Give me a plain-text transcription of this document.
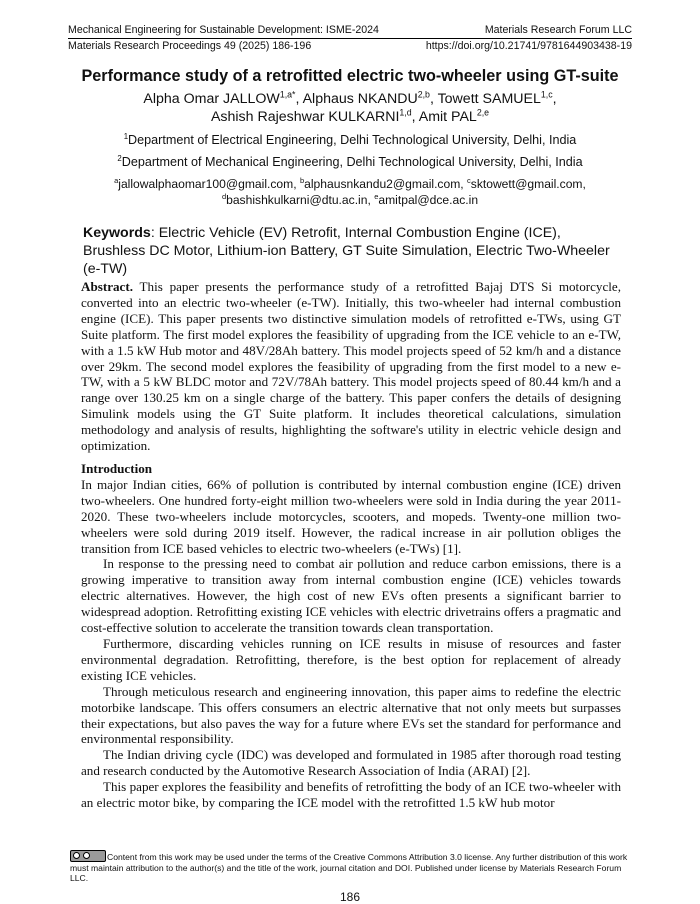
Mechanical Engineering for Sustainable Development: ISME-2024	Materials Research Forum LLC
Materials Research Proceedings 49 (2025) 186-196	https://doi.org/10.21741/9781644903438-19
Performance study of a retrofitted electric two-wheeler using GT-suite
Alpha Omar $JALLOW^{1,a*}$, Alphaus NKANDU$^{2,b}$, Towett SAMUEL$^{1,c}$,
Ashish Rajeshwar KULKARNI$^{1,d}$, Amit PAL$^{2,e}$
$^1$Department of Electrical Engineering, Delhi Technological University, Delhi, India
$^2$Department of Mechanical Engineering, Delhi Technological University, Delhi, India
$^a$jallowalphaomar100@gmail.com, $^b$alphausnkandu2@gmail.com, $^c$sktowett@gmail.com,
$^d$bashishkulkarni@dtu.ac.in, $^e$amitpal@dce.ac.in
Keywords: Electric Vehicle (EV) Retrofit, Internal Combustion Engine (ICE), Brushless DC Motor, Lithium-ion Battery, GT Suite Simulation, Electric Two-Wheeler (e-TW)

Abstract. This paper presents the performance study of a retrofitted Bajaj DTS Si motorcycle, converted into an electric two-wheeler (e-TW). Initially, this two-wheeler had internal combustion engine (ICE). This paper presents two distinctive simulation models of retrofitted e-TWs, using GT Suite platform. The first model explores the feasibility of upgrading from the ICE vehicle to an e-TW, with a 1.5 kW Hub motor and 48V/28Ah battery. This model projects speed of 52 km/h and a distance over 29km. The second model explores the feasibility of upgrading from the first model to a new e-TW, with a 5 kW BLDC motor and 72V/78Ah battery. This model projects speed of 80.44 km/h and a range over 130.25 km on a single charge of the battery. This paper confers the details of designing Simulink models using the GT Suite platform. It includes theoretical calculations, simulation methodology and analysis of results, highlighting the software's utility in electric vehicle design and optimization.

Introduction

In major Indian cities, 66% of pollution is contributed by internal combustion engine (ICE) driven two-wheelers. One hundred forty-eight million two-wheelers were sold in India during the year 2011-2020. These two-wheelers include motorcycles, scooters, and mopeds. Twenty-one million two-wheelers were sold during 2019 itself. However, the radical increase in air pollution obliges the transition from ICE based vehicles to electric two-wheelers (e-TWs) [1].

In response to the pressing need to combat air pollution and reduce carbon emissions, there is a growing imperative to transition away from internal combustion engine (ICE) vehicles towards electric alternatives. However, the high cost of new EVs often presents a significant barrier to widespread adoption. Retrofitting existing ICE vehicles with electric drivetrains offers a pragmatic and cost-effective solution to accelerate the transition towards clean transportation.

Furthermore, discarding vehicles running on ICE results in misuse of resources and faster environmental degradation. Retrofitting, therefore, is the best option for replacement of already existing ICE vehicles.

Through meticulous research and engineering innovation, this paper aims to redefine the electric motorbike landscape. This offers consumers an electric alternative that not only meets but surpasses their expectations, but also paves the way for a future where EVs set the standard for performance and environmental responsibility.

The Indian driving cycle (IDC) was developed and formulated in 1985 after thorough road testing and research conducted by the Automotive Research Association of India (ARAI) [2].

This paper explores the feasibility and benefits of retrofitting the body of an ICE two-wheeler with an electric motor bike, by comparing the ICE model with the retrofitted 1.5 kW hub motor

Content from this work may be used under the terms of the Creative Commons Attribution 3.0 license. Any further distribution of this work must maintain attribution to the author(s) and the title of the work, journal citation and DOI. Published under license by Materials Research Forum LLC.
186
